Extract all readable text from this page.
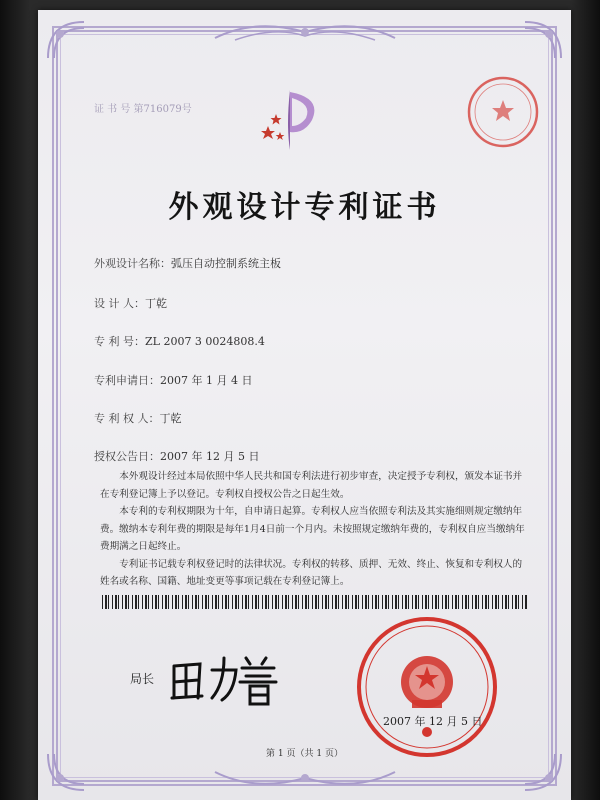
证 书 号 第716079号
外观设计专利证书
外观设计名称：弧压自动控制系统主板
设 计 人：丁乾
专 利 号：ZL 2007 3 0024808.4
专利申请日：2007 年 1 月 4 日
专 利 权 人：丁乾
授权公告日：2007 年 12 月 5 日

本外观设计经过本局依照中华人民共和国专利法进行初步审查，决定授予专利权，颁发本证书并在专利登记簿上予以登记。专利权自授权公告之日起生效。

本专利的专利权期限为十年，自申请日起算。专利权人应当依照专利法及其实施细则规定缴纳年费。缴纳本专利年费的期限是每年1月4日前一个月内。未按照规定缴纳年费的，专利权自应当缴纳年费期满之日起终止。

专利证书记载专利权登记时的法律状况。专利权的转移、质押、无效、终止、恢复和专利权人的姓名或名称、国籍、地址变更等事项记载在专利登记簿上。

局长
2007 年 12 月 5 日
第 1 页（共 1 页）
